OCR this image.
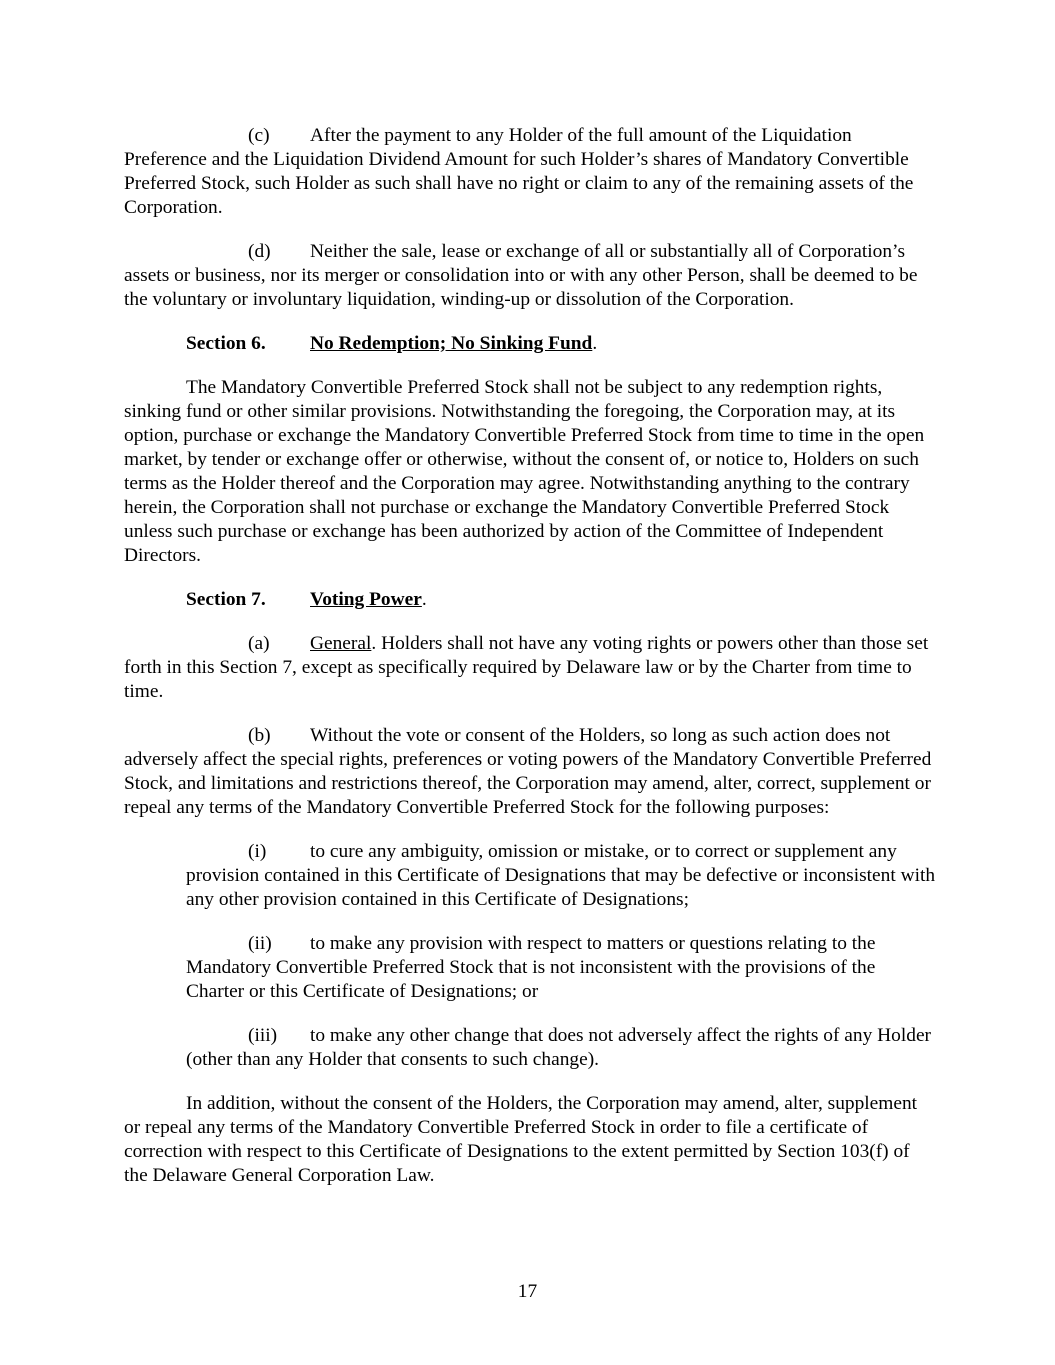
(c) After the payment to any Holder of the full amount of the Liquidation Preference and the Liquidation Dividend Amount for such Holder’s shares of Mandatory Convertible Preferred Stock, such Holder as such shall have no right or claim to any of the remaining assets of the Corporation.

(d) Neither the sale, lease or exchange of all or substantially all of Corporation’s assets or business, nor its merger or consolidation into or with any other Person, shall be deemed to be the voluntary or involuntary liquidation, winding-up or dissolution of the Corporation.

Section 6. No Redemption; No Sinking Fund.

The Mandatory Convertible Preferred Stock shall not be subject to any redemption rights, sinking fund or other similar provisions. Notwithstanding the foregoing, the Corporation may, at its option, purchase or exchange the Mandatory Convertible Preferred Stock from time to time in the open market, by tender or exchange offer or otherwise, without the consent of, or notice to, Holders on such terms as the Holder thereof and the Corporation may agree. Notwithstanding anything to the contrary herein, the Corporation shall not purchase or exchange the Mandatory Convertible Preferred Stock unless such purchase or exchange has been authorized by action of the Committee of Independent Directors.

Section 7. Voting Power.

(a) General. Holders shall not have any voting rights or powers other than those set forth in this Section 7, except as specifically required by Delaware law or by the Charter from time to time.

(b) Without the vote or consent of the Holders, so long as such action does not adversely affect the special rights, preferences or voting powers of the Mandatory Convertible Preferred Stock, and limitations and restrictions thereof, the Corporation may amend, alter, correct, supplement or repeal any terms of the Mandatory Convertible Preferred Stock for the following purposes:

(i) to cure any ambiguity, omission or mistake, or to correct or supplement any provision contained in this Certificate of Designations that may be defective or inconsistent with any other provision contained in this Certificate of Designations;

(ii) to make any provision with respect to matters or questions relating to the Mandatory Convertible Preferred Stock that is not inconsistent with the provisions of the Charter or this Certificate of Designations; or

(iii) to make any other change that does not adversely affect the rights of any Holder (other than any Holder that consents to such change).

In addition, without the consent of the Holders, the Corporation may amend, alter, supplement or repeal any terms of the Mandatory Convertible Preferred Stock in order to file a certificate of correction with respect to this Certificate of Designations to the extent permitted by Section 103(f) of the Delaware General Corporation Law.

17
